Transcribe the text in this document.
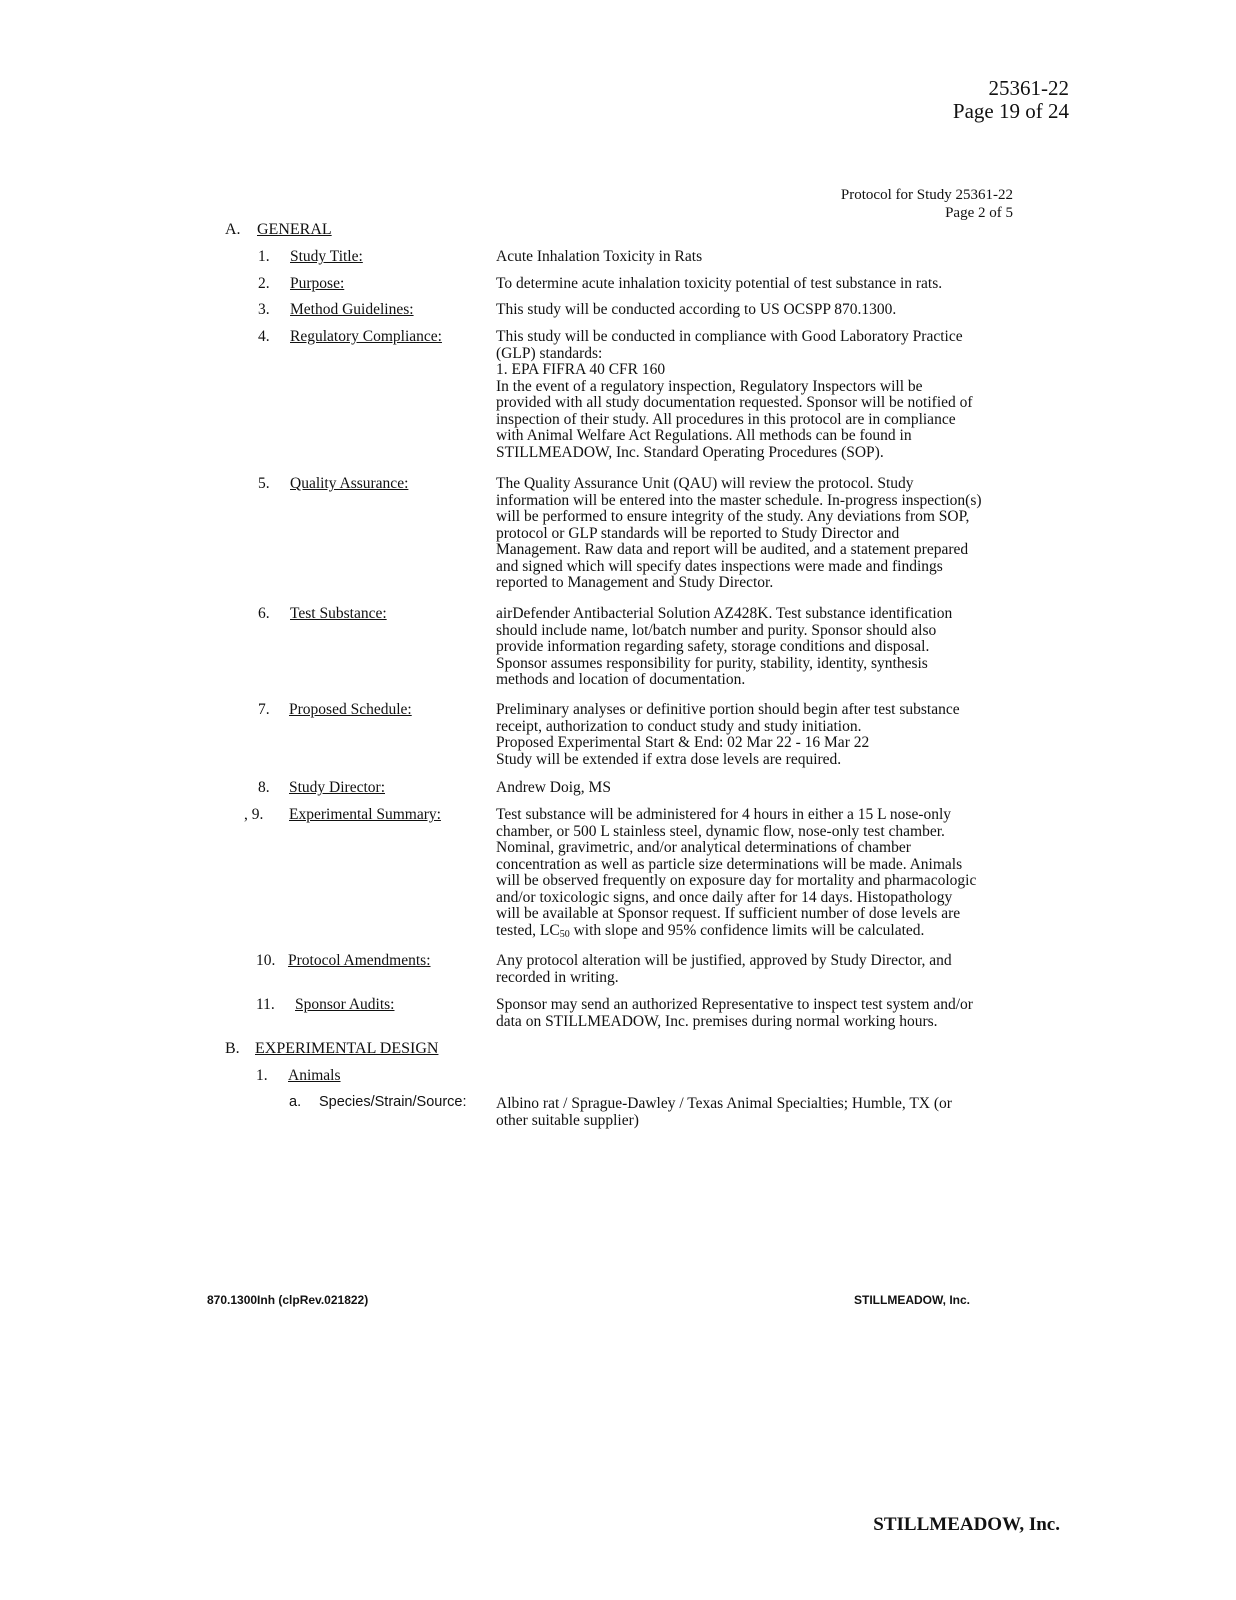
25361-22
Page 19 of 24
Protocol for Study 25361-22
Page 2 of 5
A. GENERAL
1. Study Title:	Acute Inhalation Toxicity in Rats

2. Purpose:	To determine acute inhalation toxicity potential of test substance in rats.

3. Method Guidelines:	This study will be conducted according to US OCSPP 870.1300.

4. Regulatory Compliance:	This study will be conducted in compliance with Good Laboratory Practice

(GLP) standards:

1. EPA FIFRA 40 CFR 160

In the event of a regulatory inspection, Regulatory Inspectors will be

provided with all study documentation requested. Sponsor will be notified of

inspection of their study. All procedures in this protocol are in compliance

with Animal Welfare Act Regulations. All methods can be found in

STILLMEADOW, Inc. Standard Operating Procedures (SOP).

5. Quality Assurance:	The Quality Assurance Unit (QAU) will review the protocol. Study

information will be entered into the master schedule. In-progress inspection(s)

will be performed to ensure integrity of the study. Any deviations from SOP,

protocol or GLP standards will be reported to Study Director and

Management. Raw data and report will be audited, and a statement prepared

and signed which will specify dates inspections were made and findings

reported to Management and Study Director.

6. Test Substance:	airDefender Antibacterial Solution AZ428K. Test substance identification

should include name, lot/batch number and purity. Sponsor should also

provide information regarding safety, storage conditions and disposal.

Sponsor assumes responsibility for purity, stability, identity, synthesis

methods and location of documentation.

7. Proposed Schedule:	Preliminary analyses or definitive portion should begin after test substance

receipt, authorization to conduct study and study initiation.

Proposed Experimental Start & End: 02 Mar 22 - 16 Mar 22

Study will be extended if extra dose levels are required.

8. Study Director:	Andrew Doig, MS

, 9. Experimental Summary:	Test substance will be administered for 4 hours in either a 15 L nose-only

chamber, or 500 L stainless steel, dynamic flow, nose-only test chamber.

Nominal, gravimetric, and/or analytical determinations of chamber

concentration as well as particle size determinations will be made. Animals

will be observed frequently on exposure day for mortality and pharmacologic

and/or toxicologic signs, and once daily after for 14 days. Histopathology

will be available at Sponsor request. If sufficient number of dose levels are

tested, LC50 with slope and 95% confidence limits will be calculated.

10. Protocol Amendments:	Any protocol alteration will be justified, approved by Study Director, and

recorded in writing.

11. Sponsor Audits:	Sponsor may send an authorized Representative to inspect test system and/or

data on STILLMEADOW, Inc. premises during normal working hours.

B. EXPERIMENTAL DESIGN
1. Animals
a. Species/Strain/Source: Albino rat / Sprague-Dawley / Texas Animal Specialties; Humble, TX (or

other suitable supplier)

870.1300Inh (clpRev.021822)	STILLMEADOW, Inc.
STILLMEADOW, Inc.
